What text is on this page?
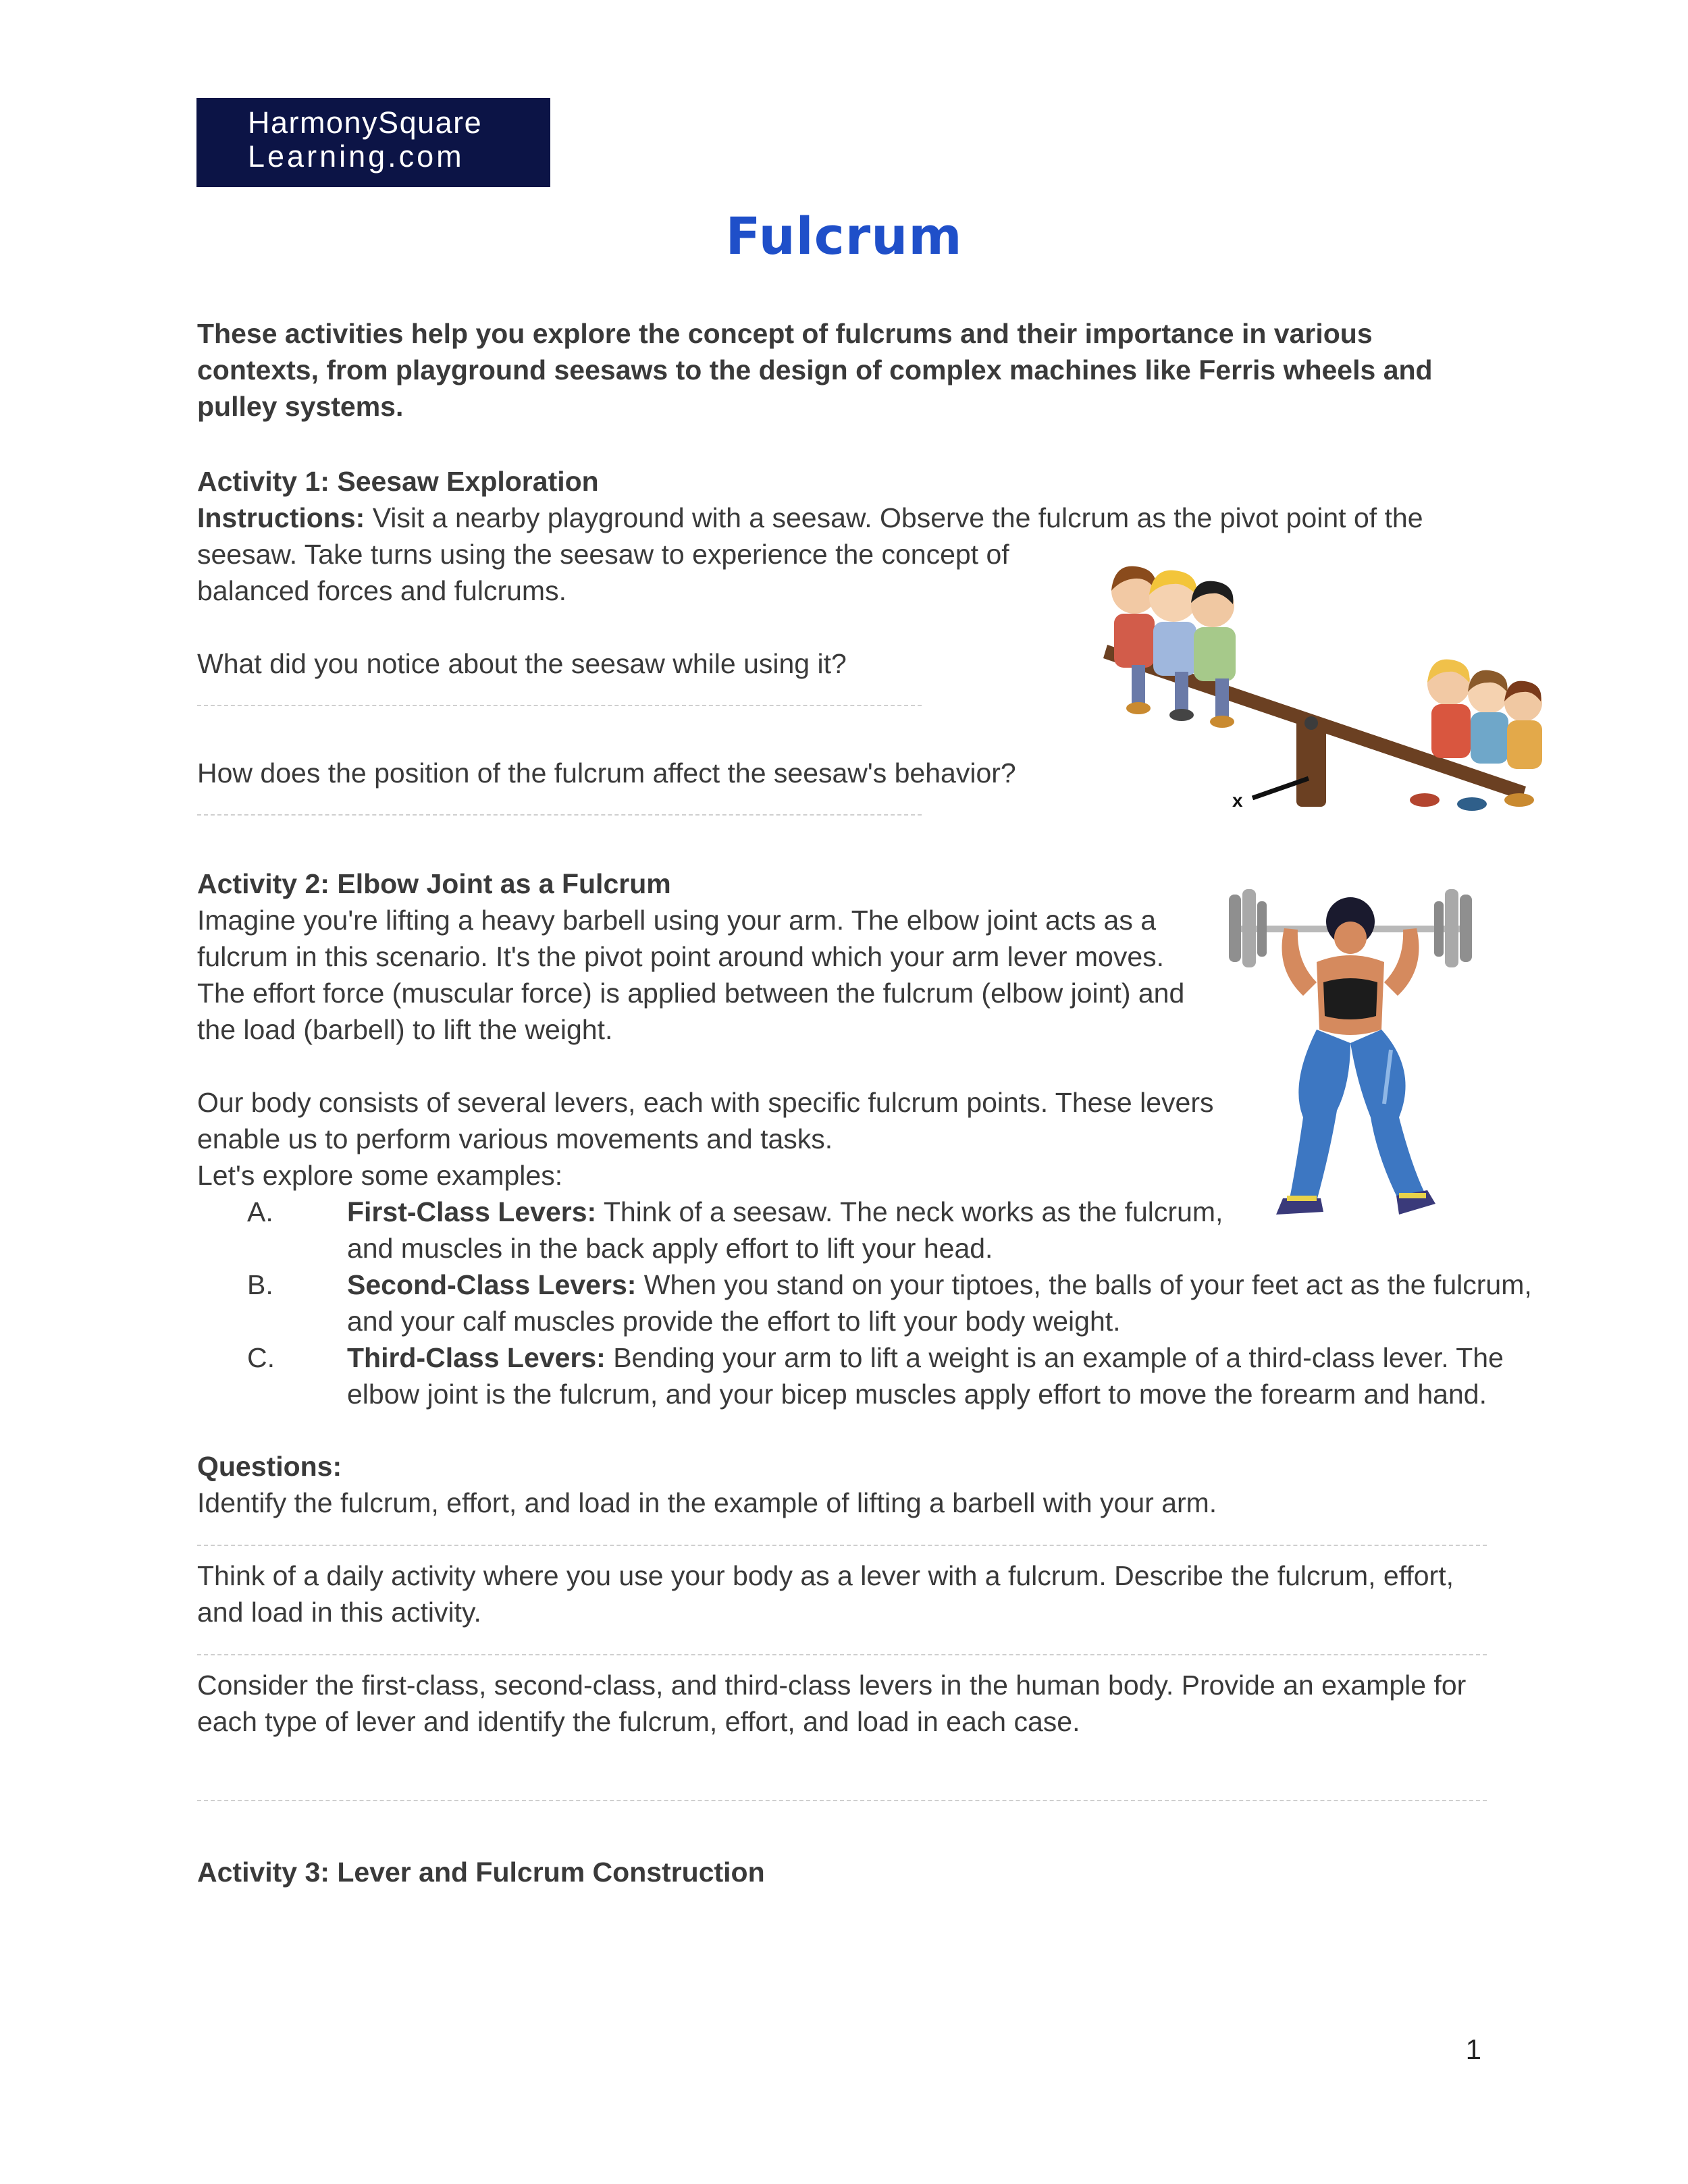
HarmonySquare
Learning.com
Fulcrum

These activities help you explore the concept of fulcrums and their importance in various contexts, from playground seesaws to the design of complex machines like Ferris wheels and pulley systems.

Activity 1: Seesaw Exploration

Instructions: Visit a nearby playground with a seesaw. Observe the fulcrum as the pivot point of the

seesaw. Take turns using the seesaw to experience the concept of

balanced forces and fulcrums.

What did you notice about the seesaw while using it?

How does the position of the fulcrum affect the seesaw's behavior?

x

Activity 2: Elbow Joint as a Fulcrum

Imagine you're lifting a heavy barbell using your arm. The elbow joint acts as a

fulcrum in this scenario. It's the pivot point around which your arm lever moves.

The effort force (muscular force) is applied between the fulcrum (elbow joint) and

the load (barbell) to lift the weight.

Our body consists of several levers, each with specific fulcrum points. These levers

enable us to perform various movements and tasks.

Let's explore some examples:

A.	First-Class Levers: Think of a seesaw. The neck works as the fulcrum,
and muscles in the back apply effort to lift your head.
B.	Second-Class Levers: When you stand on your tiptoes, the balls of your feet act as the fulcrum,
and your calf muscles provide the effort to lift your body weight.
C.	Third-Class Levers: Bending your arm to lift a weight is an example of a third-class lever. The
elbow joint is the fulcrum, and your bicep muscles apply effort to move the forearm and hand.

Questions:

Identify the fulcrum, effort, and load in the example of lifting a barbell with your arm.

Think of a daily activity where you use your body as a lever with a fulcrum. Describe the fulcrum, effort,

and load in this activity.

Consider the first-class, second-class, and third-class levers in the human body. Provide an example for

each type of lever and identify the fulcrum, effort, and load in each case.

Activity 3: Lever and Fulcrum Construction

1
